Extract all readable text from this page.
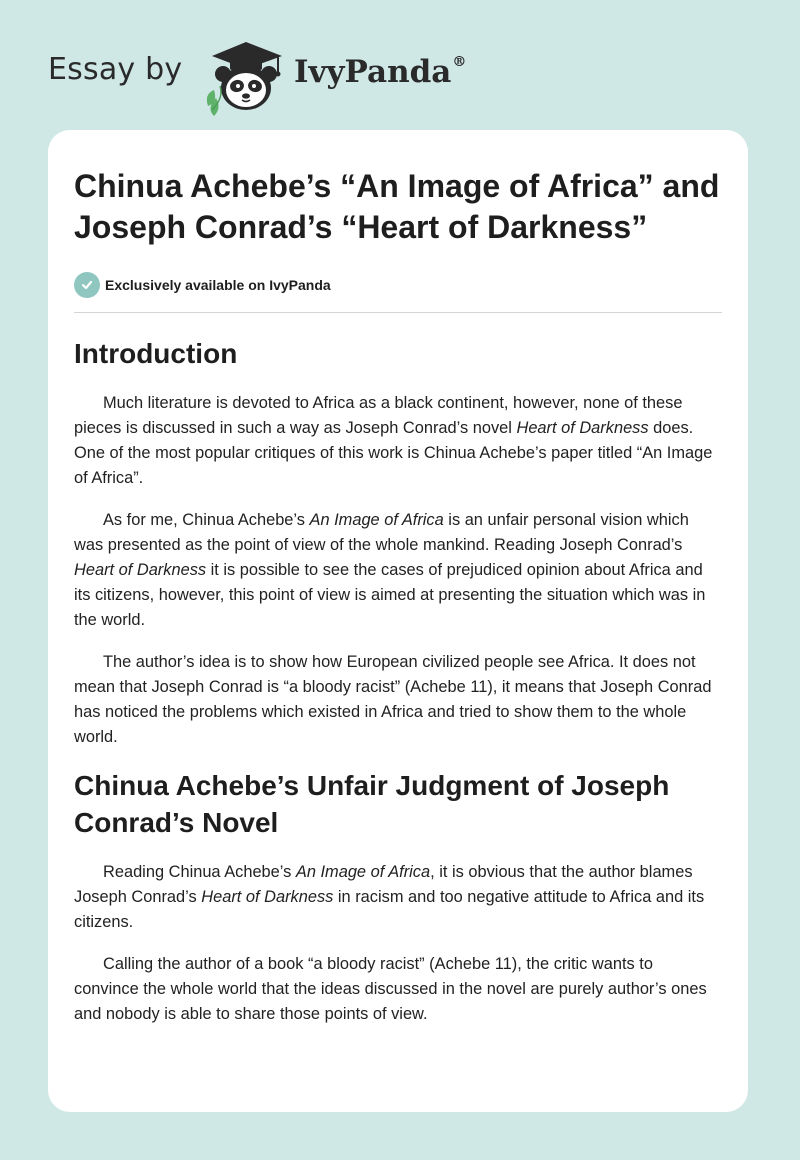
Essay by	IvyPanda®
Chinua Achebe’s “An Image of Africa” and Joseph Conrad’s “Heart of Darkness”
Exclusively available on IvyPanda
Introduction

Much literature is devoted to Africa as a black continent, however, none of these pieces is discussed in such a way as Joseph Conrad’s novel Heart of Darkness does. One of the most popular critiques of this work is Chinua Achebe’s paper titled “An Image of Africa”.

As for me, Chinua Achebe’s An Image of Africa is an unfair personal vision which was presented as the point of view of the whole mankind. Reading Joseph Conrad’s Heart of Darkness it is possible to see the cases of prejudiced opinion about Africa and its citizens, however, this point of view is aimed at presenting the situation which was in the world.

The author’s idea is to show how European civilized people see Africa. It does not mean that Joseph Conrad is “a bloody racist” (Achebe 11), it means that Joseph Conrad has noticed the problems which existed in Africa and tried to show them to the whole world.

Chinua Achebe’s Unfair Judgment of Joseph Conrad’s Novel

Reading Chinua Achebe’s An Image of Africa, it is obvious that the author blames Joseph Conrad’s Heart of Darkness in racism and too negative attitude to Africa and its citizens.

Calling the author of a book “a bloody racist” (Achebe 11), the critic wants to convince the whole world that the ideas discussed in the novel are purely author’s ones and nobody is able to share those points of view.
